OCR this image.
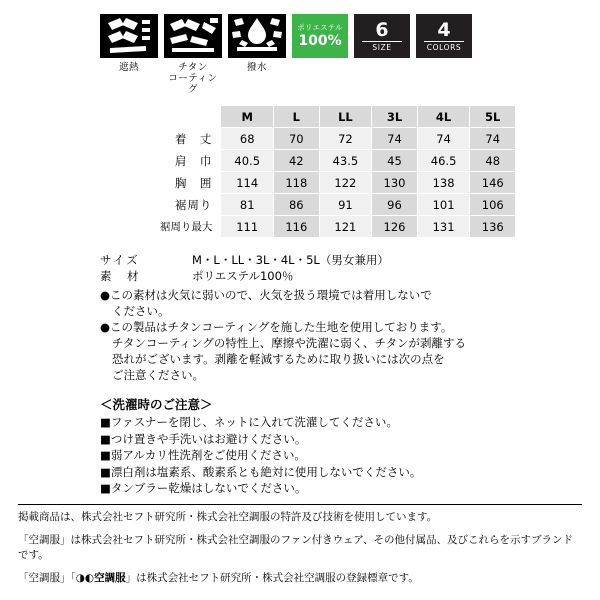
遮熱	チタン
コーティング
撥水
ポリエステル
100% 6
SIZE
4
COLORS
	M	L	LL	3L	4L	5L
着　丈	68	70	72	74	74	74
肩　巾	40.5	42	43.5	45	46.5	48
胸　囲	114	118	122	130	138	146
裾周り	81	86	91	96	101	106
裾周り最大	111	116	121	126	131	136
サイズ	M・L・LL・3L・4L・5L（男女兼用）
素　材	ポリエステル100％

●この素材は火気に弱いので、火気を扱う環境では着用しないで

ください。

●この製品はチタンコーティングを施した生地を使用しております。

チタンコーティングの特性上、摩擦や洗濯に弱く、チタンが剥離する

恐れがございます。剥離を軽減するために取り扱いには次の点を

ご注意ください。

＜洗濯時のご注意＞

■ファスナーを閉じ、ネットに入れて洗濯してください。

■つけ置きや手洗いはお避けください。

■弱アルカリ性洗剤をご使用ください。

■漂白剤は塩素系、酸素系とも絶対に使用しないでください。

■タンブラー乾燥はしないでください。

掲載商品は、株式会社セフト研究所・株式会社空調服の特許及び技術を使用しています。

「空調服」は株式会社セフト研究所・株式会社空調服のファン付きウェア、その他付属品、及びこれらを示すブランドです。

「空調服」「◑◐空調服」は株式会社セフト研究所・株式会社空調服の登録標章です。
